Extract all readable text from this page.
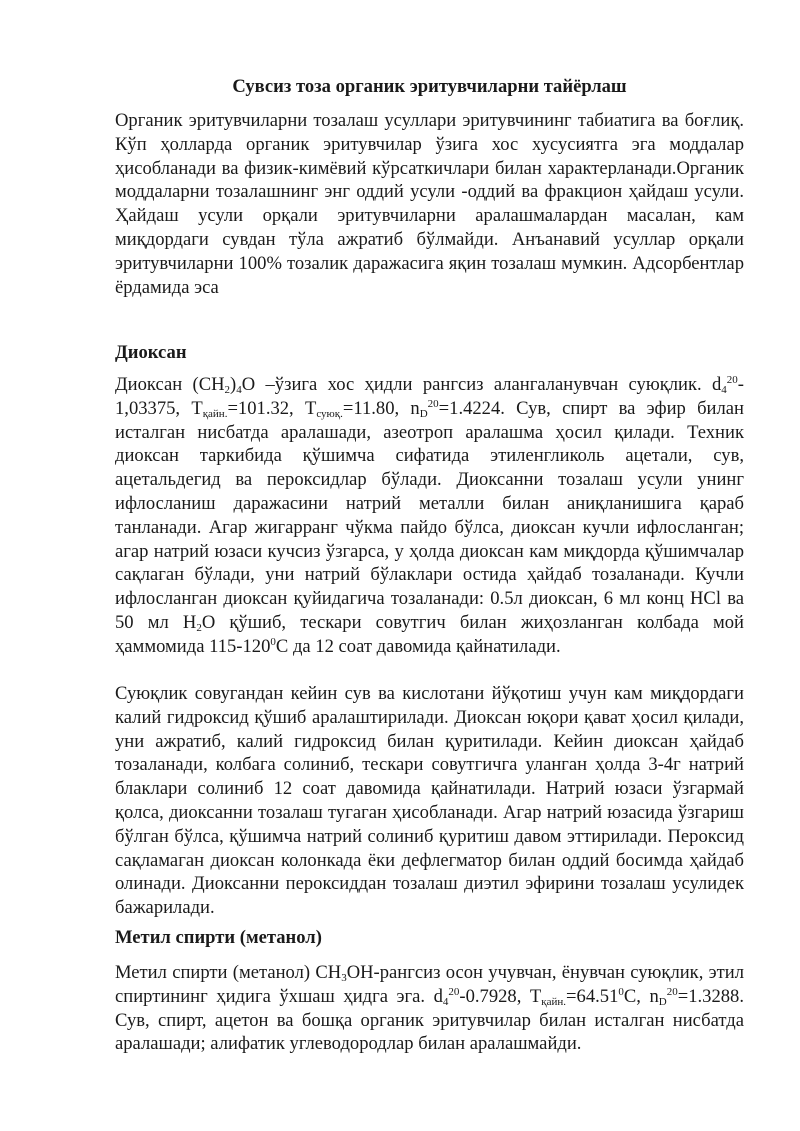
Сувсиз тоза органик эритувчиларни тайёрлаш

Органик эритувчиларни тозалаш усуллари эритувчининг табиатига ва боғлиқ. Кўп ҳолларда органик эритувчилар ўзига хос хусусиятга эга моддалар ҳисобланади ва физик-кимёвий кўрсаткичлари билан характерланади.Органик моддаларни тозалашнинг энг оддий усули -оддий ва фракцион ҳайдаш усули. Ҳайдаш усули орқали эритувчиларни аралашмалардан масалан, кам миқдордаги сувдан тўла ажратиб бўлмайди. Анъанавий усуллар орқали эритувчиларни 100% тозалик даражасига яқин тозалаш мумкин. Адсорбентлар ёрдамида эса

Диоксан

Диоксан $(СН_2)_4О$ –ўзига хос ҳидли рангсиз алангаланувчан суюқлик. $d_4^{20}-$ 1,03375, $Т_{қайн.}=101.32$, $Т_{суюқ.}=11.80$, $n_D^{20}=1.4224$. Сув, спирт ва эфир билан исталган нисбатда аралашади, азеотроп аралашма ҳосил қилади. Техник диоксан таркибида қўшимча сифатида этиленгликоль ацетали, сув, ацетальдегид ва пероксидлар бўлади. Диоксанни тозалаш усули унинг ифлосланиш даражасини натрий металли билан аниқланишига қараб танланади. Агар жигарранг чўкма пайдо бўлса, диоксан кучли ифлосланган; агар натрий юзаси кучсиз ўзгарса, у ҳолда диоксан кам миқдорда қўшимчалар сақлаган бўлади, уни натрий бўлаклари остида ҳайдаб тозаланади. Кучли ифлосланган диоксан қуйидагича тозаланади: 0.5л диоксан, 6 мл конц HCl ва 50 мл $Н_2О$ қўшиб, тескари совутгич билан жиҳозланган колбада мой ҳаммомида $115-120^0С$ да 12 соат давомида қайнатилади.

Суюқлик совугандан кейин сув ва кислотани йўқотиш учун кам миқдордаги калий гидроксид қўшиб аралаштирилади. Диоксан юқори қават ҳосил қилади, уни ажратиб, калий гидроксид билан қуритилади. Кейин диоксан ҳайдаб тозаланади, колбага солиниб, тескари совутгичга уланган ҳолда 3-4г натрий блаклари солиниб 12 соат давомида қайнатилади. Натрий юзаси ўзгармай қолса, диоксанни тозалаш тугаган ҳисобланади. Агар натрий юзасида ўзгариш бўлган бўлса, қўшимча натрий солиниб қуритиш давом эттирилади. Пероксид сақламаган диоксан колонкада ёки дефлегматор билан оддий босимда ҳайдаб олинади. Диоксанни пероксиддан тозалаш диэтил эфирини тозалаш усулидек бажарилади.

Метил спирти (метанол)

Метил спирти (метанол) $СН_3ОН$-рангсиз осон учувчан, ёнувчан суюқлик, этил спиртининг ҳидига ўхшаш ҳидга эга. $d_4^{20}-0.7928$, $Т_{қайн.}=64.51^0С$, $n_D^{20}=1.3288$. Сув, спирт, ацетон ва бошқа органик эритувчилар билан исталган нисбатда аралашади; алифатик углеводородлар билан аралашмайди.
